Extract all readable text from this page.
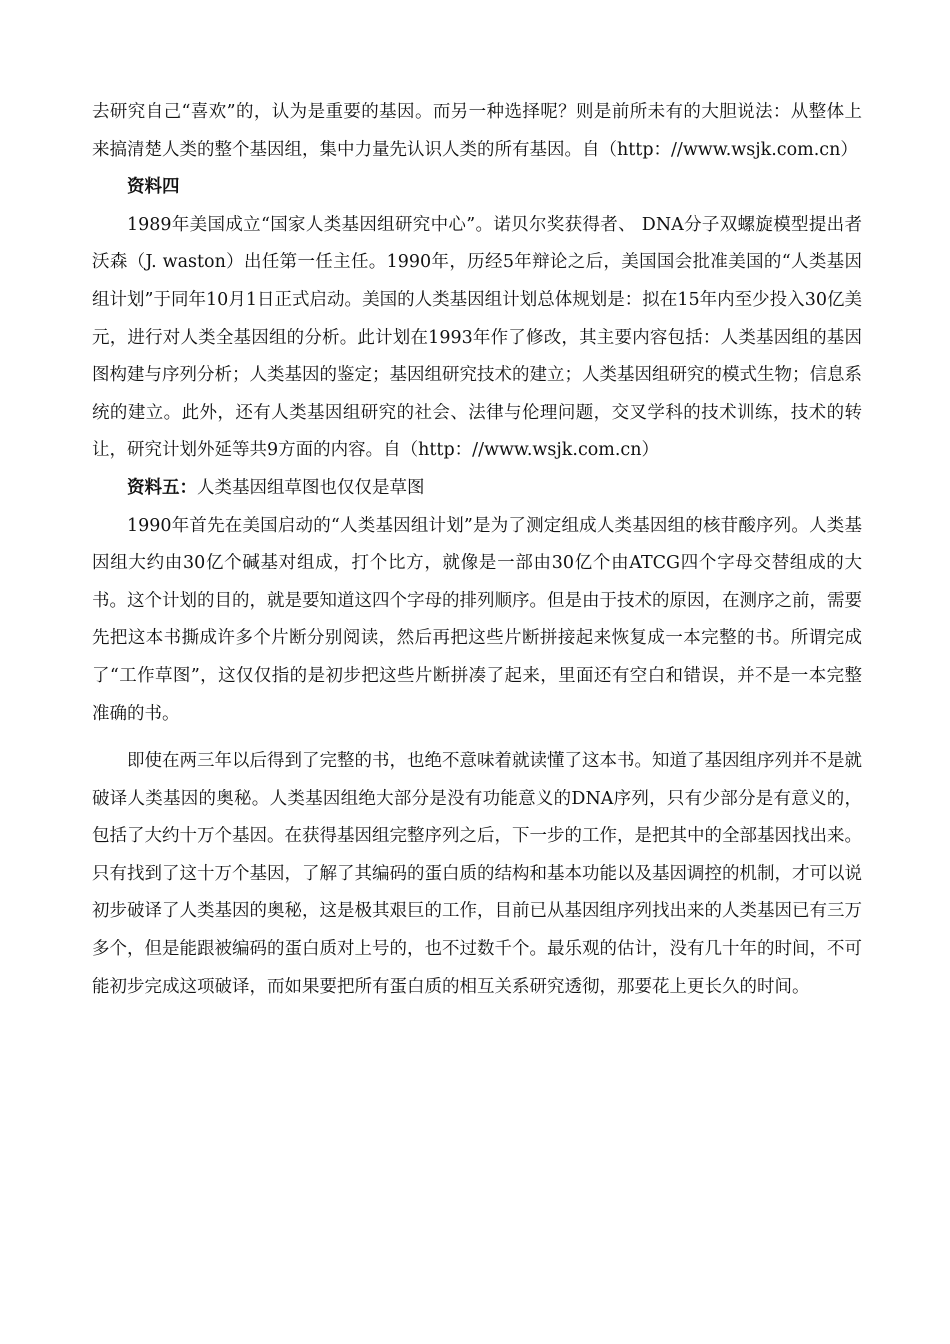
去研究自己“喜欢”的，认为是重要的基因。而另一种选择呢？则是前所未有的大胆说法：从整体上来搞清楚人类的整个基因组，集中力量先认识人类的所有基因。自（http：//www.wsjk.com.cn）

资料四

1989年美国成立“国家人类基因组研究中心”。诺贝尔奖获得者、 DNA分子双螺旋模型提出者沃森（J. waston）出任第一任主任。1990年，历经5年辩论之后，美国国会批准美国的“人类基因组计划”于同年10月1日正式启动。美国的人类基因组计划总体规划是：拟在15年内至少投入30亿美元，进行对人类全基因组的分析。此计划在1993年作了修改，其主要内容包括：人类基因组的基因图构建与序列分析；人类基因的鉴定；基因组研究技术的建立；人类基因组研究的模式生物；信息系统的建立。此外，还有人类基因组研究的社会、法律与伦理问题，交叉学科的技术训练，技术的转让，研究计划外延等共9方面的内容。自（http：//www.wsjk.com.cn）

资料五：人类基因组草图也仅仅是草图

1990年首先在美国启动的“人类基因组计划”是为了测定组成人类基因组的核苷酸序列。人类基因组大约由30亿个碱基对组成，打个比方，就像是一部由30亿个由ATCG四个字母交替组成的大书。这个计划的目的，就是要知道这四个字母的排列顺序。但是由于技术的原因，在测序之前，需要先把这本书撕成许多个片断分别阅读，然后再把这些片断拼接起来恢复成一本完整的书。所谓完成了“工作草图”，这仅仅指的是初步把这些片断拼凑了起来，里面还有空白和错误，并不是一本完整准确的书。

即使在两三年以后得到了完整的书，也绝不意味着就读懂了这本书。知道了基因组序列并不是就破译人类基因的奥秘。人类基因组绝大部分是没有功能意义的DNA序列，只有少部分是有意义的，包括了大约十万个基因。在获得基因组完整序列之后，下一步的工作，是把其中的全部基因找出来。只有找到了这十万个基因，了解了其编码的蛋白质的结构和基本功能以及基因调控的机制，才可以说初步破译了人类基因的奥秘，这是极其艰巨的工作，目前已从基因组序列找出来的人类基因已有三万多个，但是能跟被编码的蛋白质对上号的，也不过数千个。最乐观的估计，没有几十年的时间，不可能初步完成这项破译，而如果要把所有蛋白质的相互关系研究透彻，那要花上更长久的时间。
